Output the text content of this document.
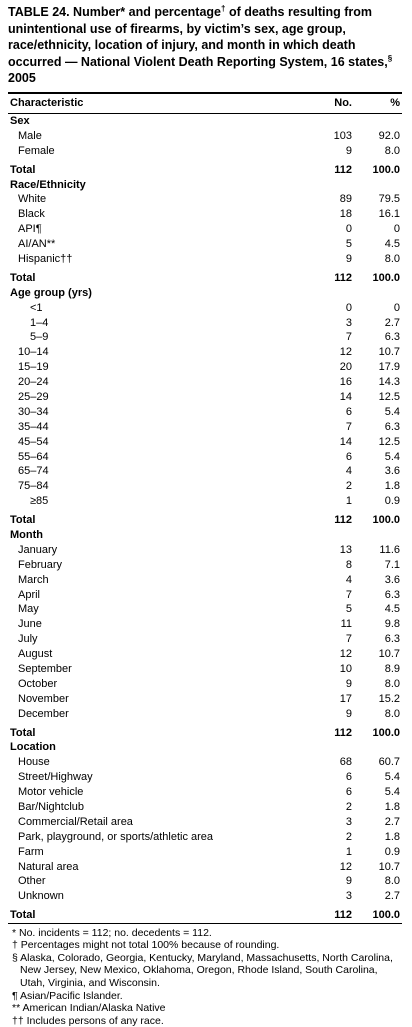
TABLE 24. Number* and percentage† of deaths resulting from unintentional use of firearms, by victim’s sex, age group, race/ethnicity, location of injury, and month in which death occurred — National Violent Death Reporting System, 16 states,§ 2005
Characteristic	No.	%
Sex		
Male	103	92.0
Female	9	8.0

Total	112	100.0
Race/Ethnicity		
White	89	79.5
Black	18	16.1
API¶	0	0
AI/AN**	5	4.5
Hispanic††	9	8.0

Total	112	100.0
Age group (yrs)		
<1	0	0
1–4	3	2.7
5–9	7	6.3
10–14	12	10.7
15–19	20	17.9
20–24	16	14.3
25–29	14	12.5
30–34	6	5.4
35–44	7	6.3
45–54	14	12.5
55–64	6	5.4
65–74	4	3.6
75–84	2	1.8
≥85	1	0.9

Total	112	100.0
Month		
January	13	11.6
February	8	7.1
March	4	3.6
April	7	6.3
May	5	4.5
June	11	9.8
July	7	6.3
August	12	10.7
September	10	8.9
October	9	8.0
November	17	15.2
December	9	8.0

Total	112	100.0
Location		
House	68	60.7
Street/Highway	6	5.4
Motor vehicle	6	5.4
Bar/Nightclub	2	1.8
Commercial/Retail area	3	2.7
Park, playground, or sports/athletic area	2	1.8
Farm	1	0.9
Natural area	12	10.7
Other	9	8.0
Unknown	3	2.7

Total	112	100.0
* No. incidents = 112; no. decedents = 112.
† Percentages might not total 100% because of rounding.
§ Alaska, Colorado, Georgia, Kentucky, Maryland, Massachusetts, North Carolina, New Jersey, New Mexico, Oklahoma, Oregon, Rhode Island, South Carolina, Utah, Virginia, and Wisconsin.
¶ Asian/Pacific Islander.
** American Indian/Alaska Native
†† Includes persons of any race.
